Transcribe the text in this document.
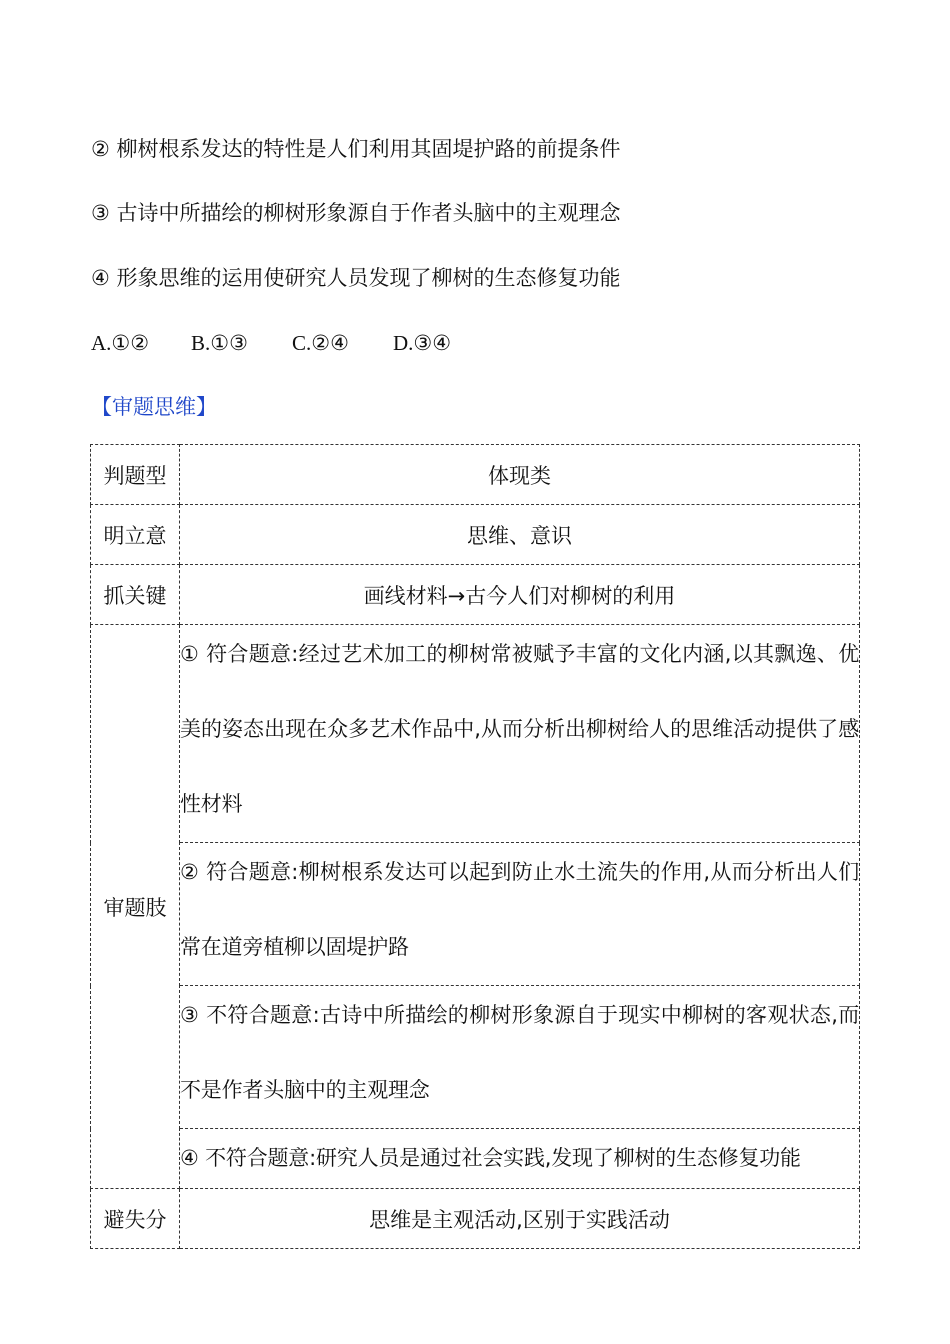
② 柳树根系发达的特性是人们利用其固堤护路的前提条件
③ 古诗中所描绘的柳树形象源自于作者头脑中的主观理念
④ 形象思维的运用使研究人员发现了柳树的生态修复功能
A.①② B.①③ C.②④ D.③④
【审题思维】
判题型	体现类
明立意	思维、意识
抓关键	画线材料→古今人们对柳树的利用
审题肢	① 符合题意:经过艺术加工的柳树常被赋予丰富的文化内涵,以其飘逸、优美的姿态出现在众多艺术作品中,从而分析出柳树给人的思维活动提供了感性材料

	② 符合题意:柳树根系发达可以起到防止水土流失的作用,从而分析出人们常在道旁植柳以固堤护路

	③ 不符合题意:古诗中所描绘的柳树形象源自于现实中柳树的客观状态,而不是作者头脑中的主观理念

	④ 不符合题意:研究人员是通过社会实践,发现了柳树的生态修复功能

避失分	思维是主观活动,区别于实践活动
